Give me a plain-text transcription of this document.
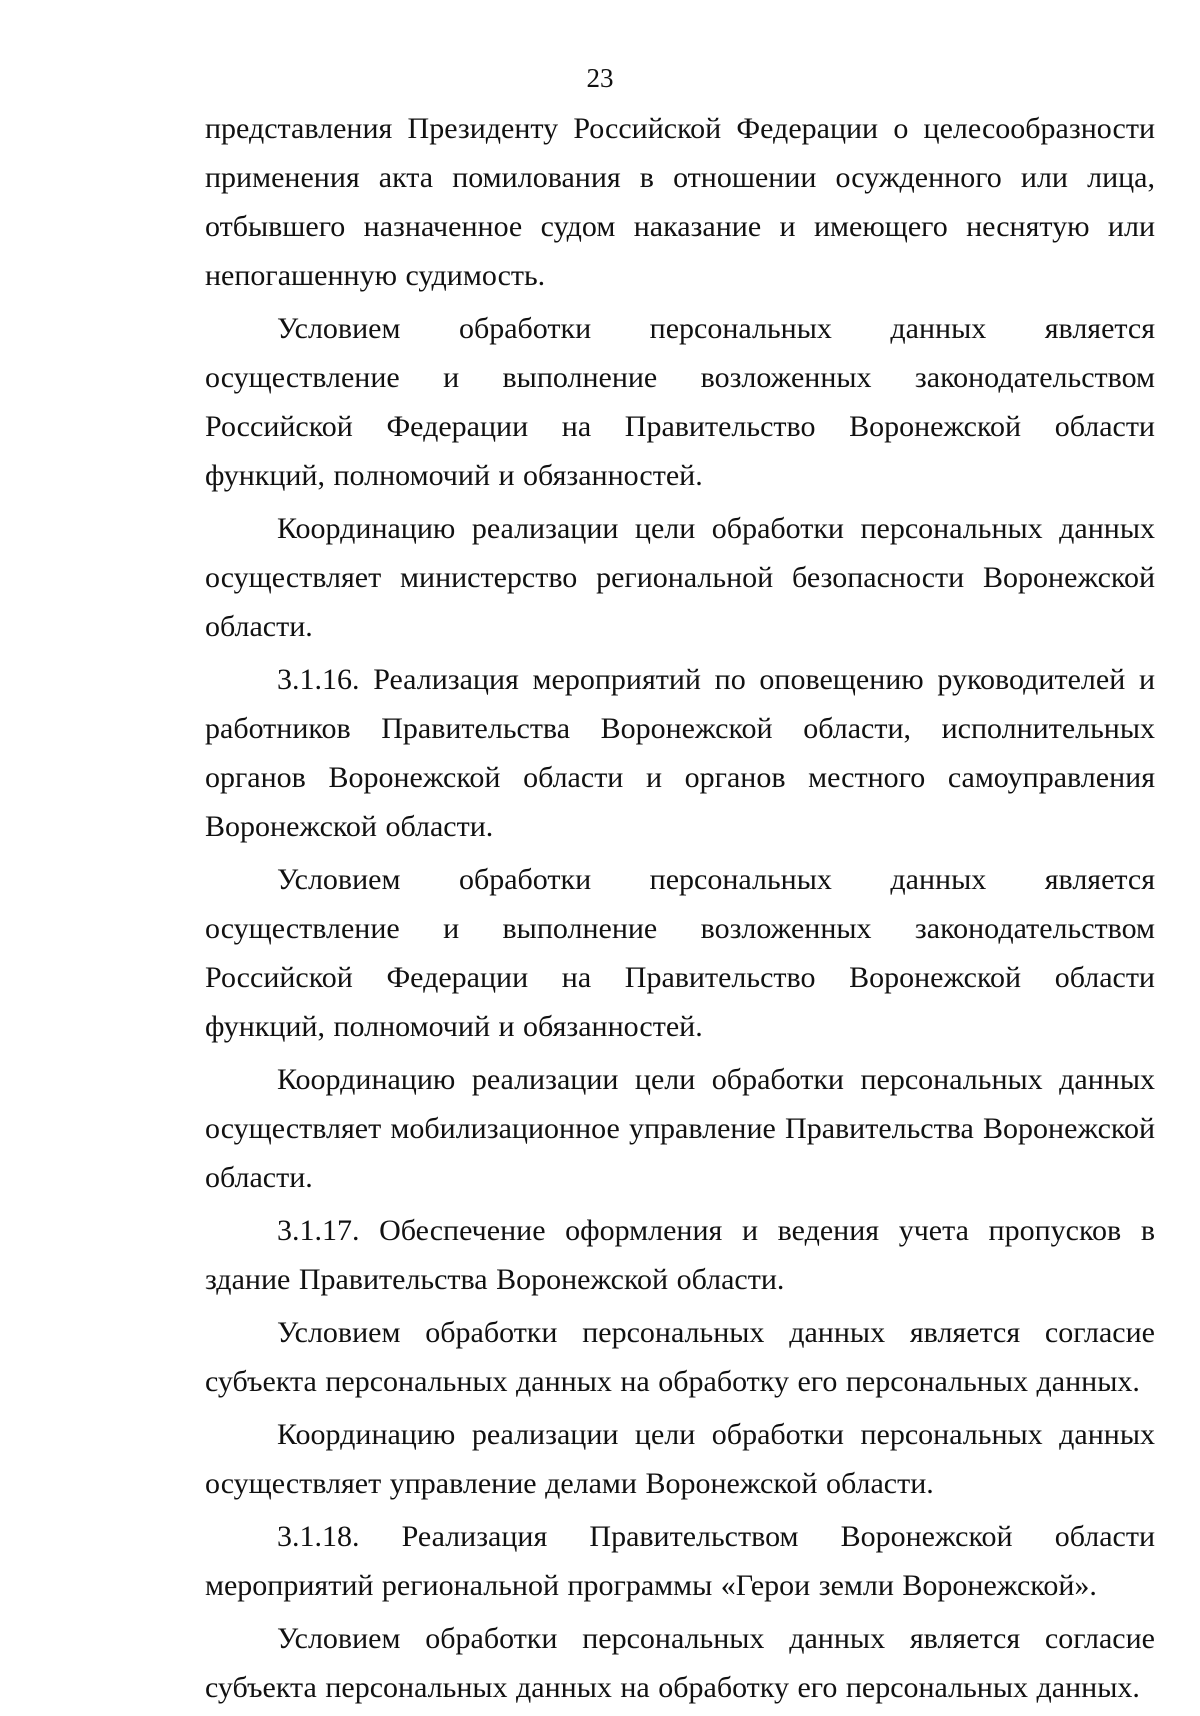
23

представления Президенту Российской Федерации о целесообразности применения акта помилования в отношении осужденного или лица, отбывшего назначенное судом наказание и имеющего неснятую или непогашенную судимость.

Условием обработки персональных данных является осуществление и выполнение возложенных законодательством Российской Федерации на Правительство Воронежской области функций, полномочий и обязанностей.

Координацию реализации цели обработки персональных данных осуществляет министерство региональной безопасности Воронежской области.

3.1.16. Реализация мероприятий по оповещению руководителей и работников Правительства Воронежской области, исполнительных органов Воронежской области и органов местного самоуправления Воронежской области.

Условием обработки персональных данных является осуществление и выполнение возложенных законодательством Российской Федерации на Правительство Воронежской области функций, полномочий и обязанностей.

Координацию реализации цели обработки персональных данных осуществляет мобилизационное управление Правительства Воронежской области.

3.1.17. Обеспечение оформления и ведения учета пропусков в здание Правительства Воронежской области.

Условием обработки персональных данных является согласие субъекта персональных данных на обработку его персональных данных.

Координацию реализации цели обработки персональных данных осуществляет управление делами Воронежской области.

3.1.18. Реализация Правительством Воронежской области мероприятий региональной программы «Герои земли Воронежской».

Условием обработки персональных данных является согласие субъекта персональных данных на обработку его персональных данных.
